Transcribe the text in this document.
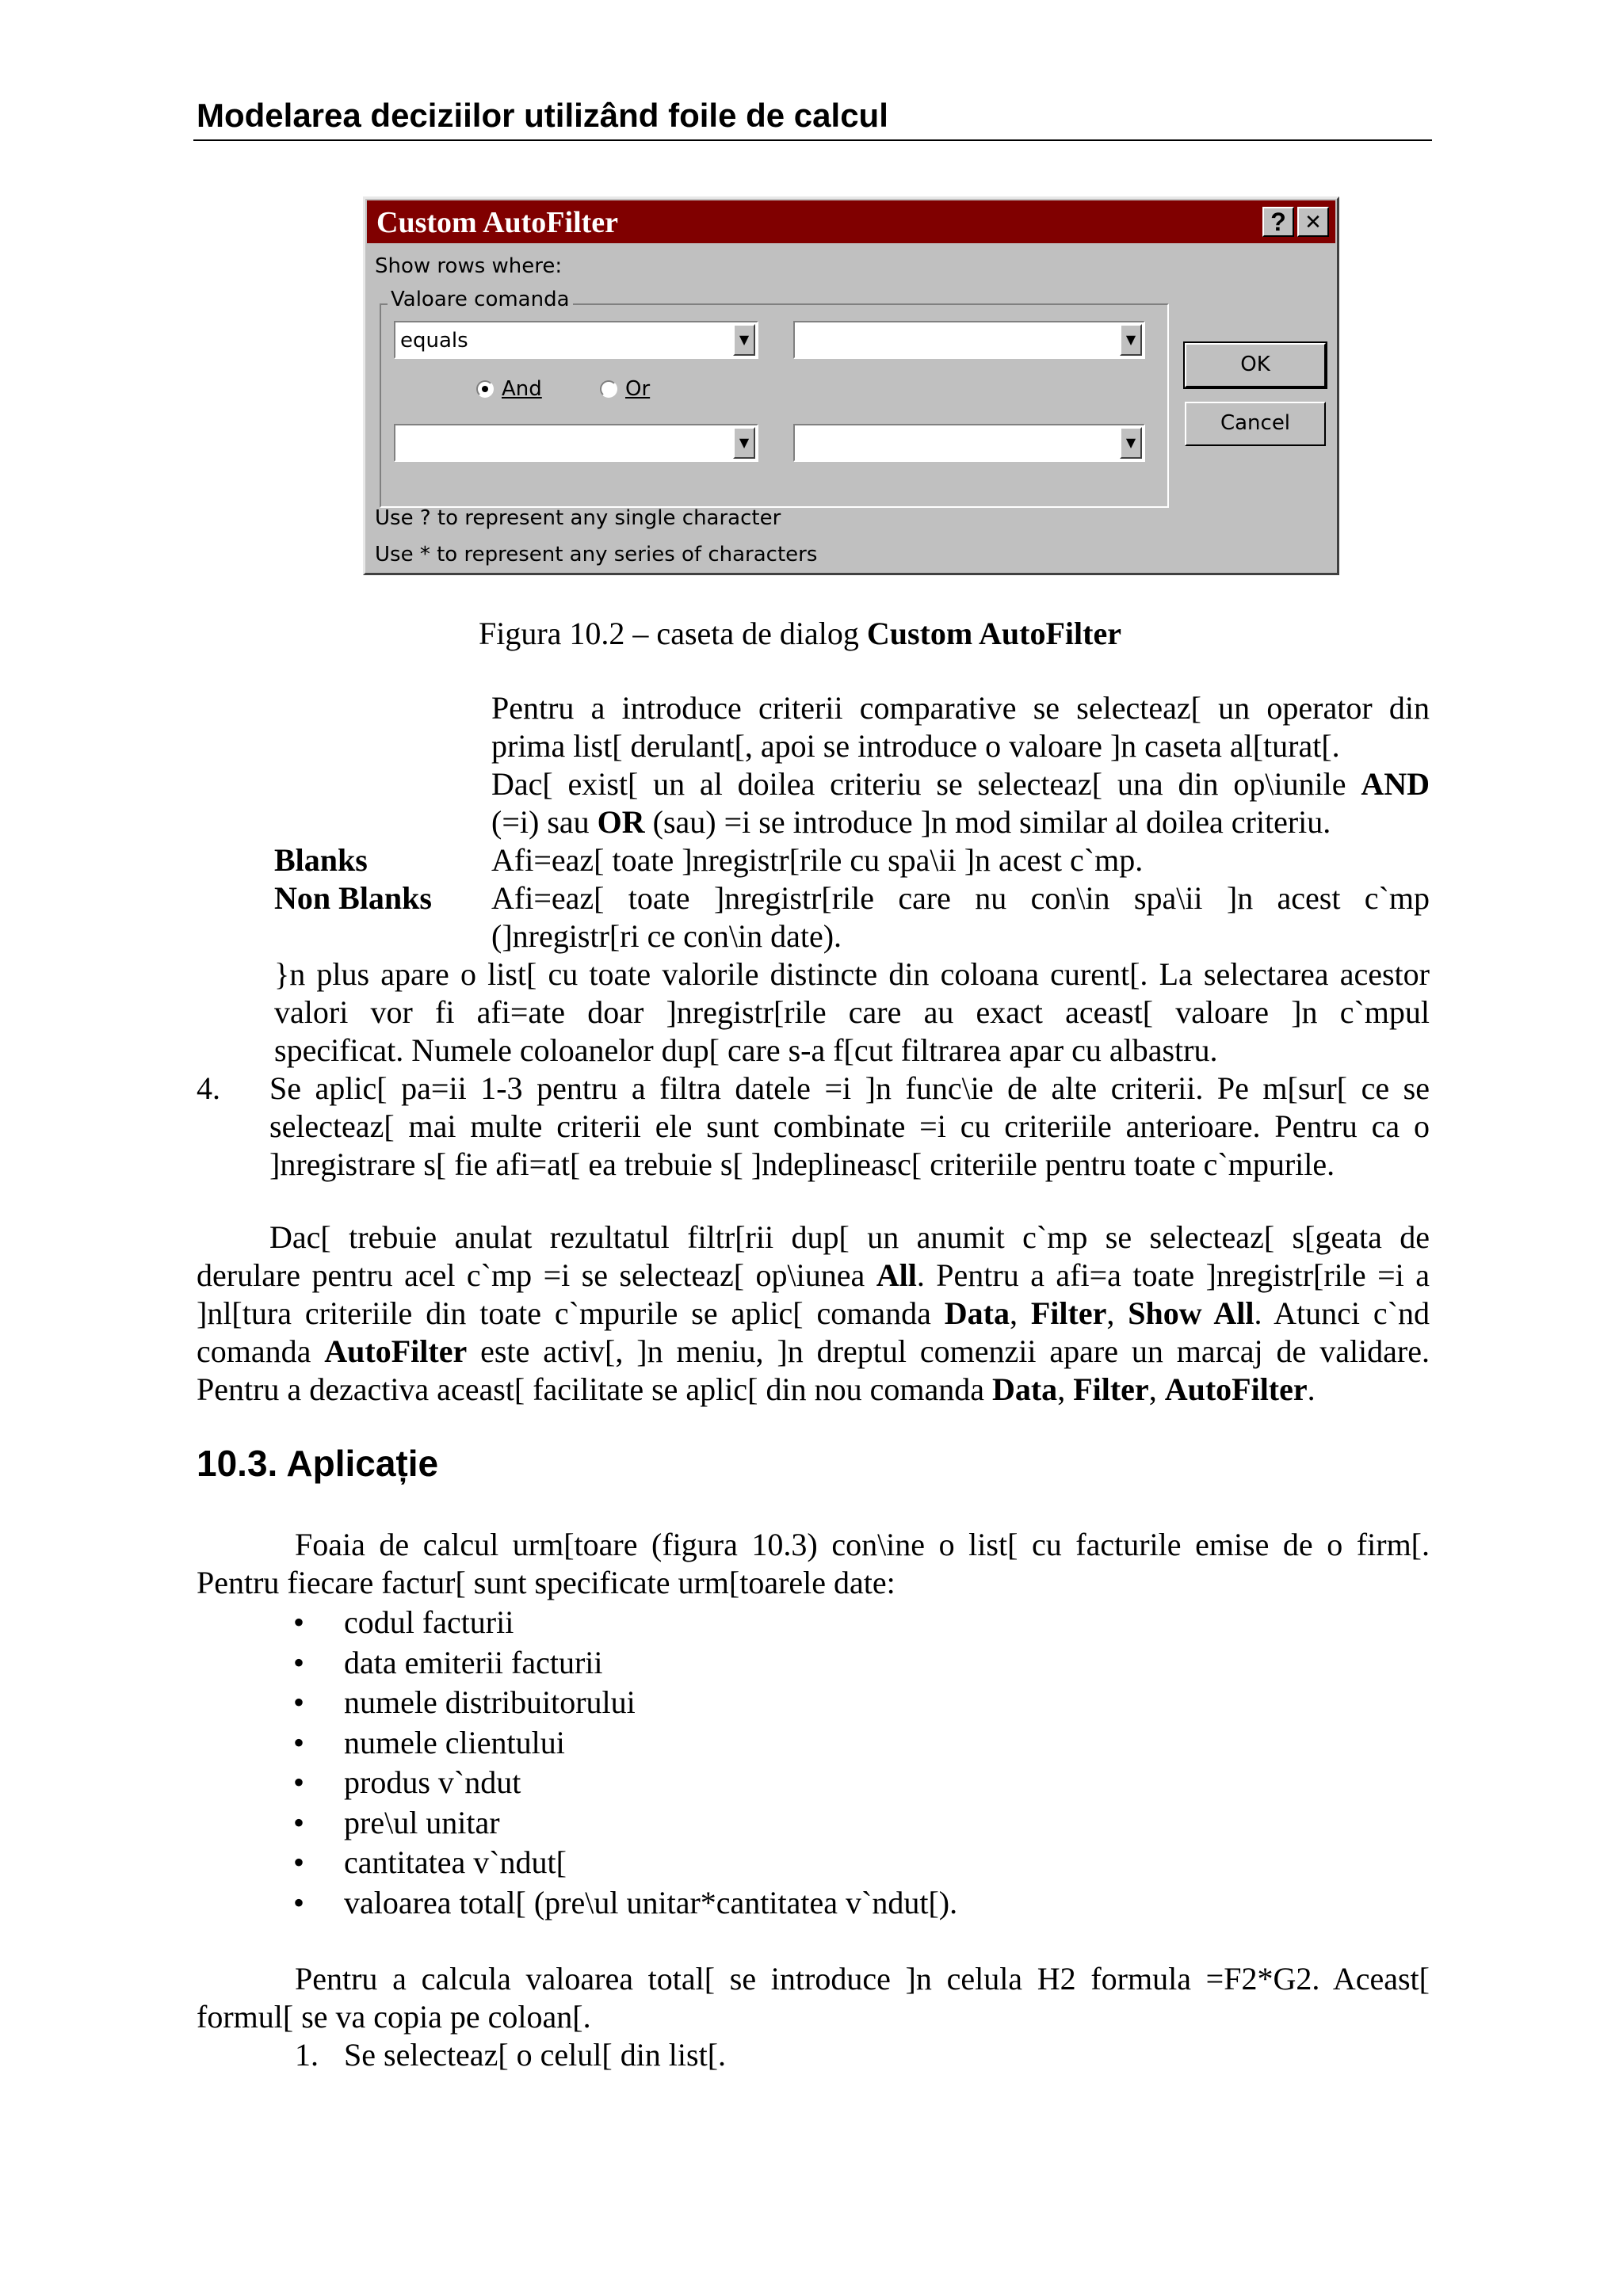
Modelarea deciziilor utilizând foile de calcul
Custom AutoFilter	? ✕
Show rows where:
Valoare comanda
equals	▼	▼
And	Or
▼	▼
OK
Cancel
Use ? to represent any single character
Use * to represent any series of characters
Figura 10.2 – caseta de dialog Custom AutoFilter
Pentru a introduce criterii comparative se selecteaz[ un operator din
prima list[ derulant[, apoi se introduce o valoare ]n caseta al[turat[.
Dac[ exist[ un al doilea criteriu se selecteaz[ una din op\iunile AND
(=i) sau OR (sau) =i se introduce ]n mod similar al doilea criteriu.
Blanks	Afi=eaz[ toate ]nregistr[rile cu spa\ii ]n acest c`mp.
Non Blanks Afi=eaz[ toate ]nregistr[rile care nu con\in spa\ii ]n acest c`mp
(]nregistr[ri ce con\in date).
}n plus apare o list[ cu toate valorile distincte din coloana curent[. La selectarea acestor
valori vor fi afi=ate doar ]nregistr[rile care au exact aceast[ valoare ]n c`mpul
specificat. Numele coloanelor dup[ care s-a f[cut filtrarea apar cu albastru.
4. Se aplic[ pa=ii 1-3 pentru a filtra datele =i ]n func\ie de alte criterii. Pe m[sur[ ce se
selecteaz[ mai multe criterii ele sunt combinate =i cu criteriile anterioare. Pentru ca o
]nregistrare s[ fie afi=at[ ea trebuie s[ ]ndeplineasc[ criteriile pentru toate c`mpurile.
Dac[ trebuie anulat rezultatul filtr[rii dup[ un anumit c`mp se selecteaz[ s[geata de
derulare pentru acel c`mp =i se selecteaz[ op\iunea All. Pentru a afi=a toate ]nregistr[rile =i a
]nl[tura criteriile din toate c`mpurile se aplic[ comanda Data, Filter, Show All. Atunci c`nd
comanda AutoFilter este activ[, ]n meniu, ]n dreptul comenzii apare un marcaj de validare.
Pentru a dezactiva aceast[ facilitate se aplic[ din nou comanda Data, Filter, AutoFilter.
10.3. Aplicație
Foaia de calcul urm[toare (figura 10.3) con\ine o list[ cu facturile emise de o firm[.
Pentru fiecare factur[ sunt specificate urm[toarele date:
• codul facturii
• data emiterii facturii
• numele distribuitorului
• numele clientului
• produs v`ndut
• pre\ul unitar
• cantitatea v`ndut[
• valoarea total[ (pre\ul unitar*cantitatea v`ndut[).
Pentru a calcula valoarea total[ se introduce ]n celula H2 formula =F2*G2. Aceast[
formul[ se va copia pe coloan[.
1. Se selecteaz[ o celul[ din list[.
